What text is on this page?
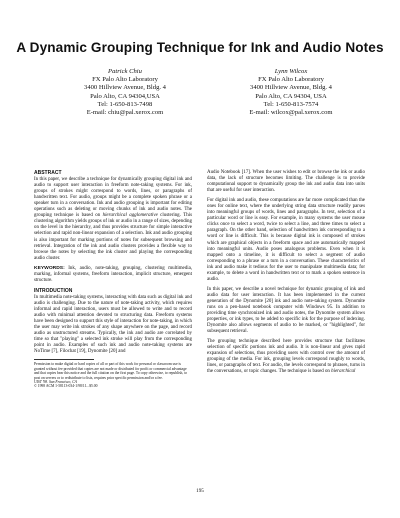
A Dynamic Grouping Technique for Ink and Audio Notes
Patrick Chiu
FX Palo Alto Laboratory
3400 Hillview Avenue, Bldg. 4
Palo Alto, CA 94304,USA
Tel: 1-650-813-7498
E-mail: chiu@pal.xerox.com
Lynn Wilcox
FX Palo Alto Laboratory
3400 Hillview Avenue, Bldg. 4
Palo Alto, CA 94304, USA
Tel: 1-650-813-7574
E-mail: wilcox@pal.xerox.com
ABSTRACT

In this paper, we describe a technique for dynamically grouping digital ink and audio to support user interaction in freeform note-taking systems. For ink, groups of strokes might correspond to words, lines, or paragraphs of handwritten text. For audio, groups might be a complete spoken phrase or a speaker turn in a conversation. Ink and audio grouping is important for editing operations such as deleting or moving chunks of ink and audio notes. The grouping technique is based on hierarchical agglomerative clustering. This clustering algorithm yields groups of ink or audio in a range of sizes, depending on the level in the hierarchy, and thus provides structure for simple interactive selection and rapid non-linear expansion of a selection. Ink and audio grouping is also important for marking portions of notes for subsequent browsing and retrieval. Integration of the ink and audio clusters provides a flexible way to browse the notes by selecting the ink cluster and playing the corresponding audio cluster.

KEYWORDS: Ink, audio, note-taking, grouping, clustering multimedia, marking, informal systems, freeform interaction, implicit structure, emergent structure.

INTRODUCTION

In multimedia note-taking systems, interacting with data such as digital ink and audio is challenging. Due to the nature of note-taking activity, which requires informal and rapid interaction, users must be allowed to write and to record audio with minimal attention devoted to structuring data. Freeform systems have been designed to support this style of interaction for note-taking, in which the user may write ink strokes of any shape anywhere on the page, and record audio as unstructured streams. Typically, the ink and audio are correlated by time so that "playing" a selected ink stroke will play from the corresponding point in audio. Examples of such ink and audio note-taking systems are NoTime [7], Filochat [19], Dynomite [20] and

Permission to make digital or hard copies of all or part of this work for personal or classroom use is granted without fee provided that copies are not made or distributed for profit or commercial advantage and that copies bear this notice and the full citation on the first page. To copy otherwise, to republish, to post on servers or to redistribute to lists, requires prior specific permission and/or a fee.
UIST '98. San Francisco, CA
© 1998 ACM 1-58113-034-1/98/11...$5.00

Audio Notebook [17]. When the user wishes to edit or browse the ink or audio data, the lack of structure becomes limiting. The challenge is to provide computational support to dynamically group the ink and audio data into units that are useful for user interaction.

For digital ink and audio, these computations are far more complicated than the ones for online text, where the underlying string data structure readily parses into meaningful groups of words, lines and paragraphs. In text, selection of a particular word or line is easy. For example, in many systems the user mouse clicks once to select a word, twice to select a line, and three times to select a paragraph. On the other hand, selection of handwritten ink corresponding to a word or line is difficult. This is because digital ink is composed of strokes which are graphical objects in a freeform space and are automatically mapped into meaningful units. Audio poses analogous problems. Even when it is mapped onto a timeline, it is difficult to select a segment of audio corresponding to a phrase or a turn in a conversation. These characteristics of ink and audio make it tedious for the user to manipulate multimedia data; for example, to delete a word in handwritten text or to mark a spoken sentence in audio.

In this paper, we describe a novel technique for dynamic grouping of ink and audio data for user interaction. It has been implemented in the current generation of the Dynomite [20] ink and audio note-taking system. Dynomite runs on a pen-based notebook computer with Windows 95. In addition to providing time synchronized ink and audio notes, the Dynomite system allows properties, or ink types, to be added to specific ink for the purpose of indexing. Dynomite also allows segments of audio to be marked, or "highlighted", for subsequent retrieval.

The grouping technique described here provides structure that facilitates selection of specific portions ink and audio. It is non-linear and gives rapid expansion of selections, thus providing users with control over the amount of grouping of the media. For ink, grouping levels correspond roughly to words, lines, or paragraphs of text. For audio, the levels correspond to phrases, turns in the conversations, or topic changes. The technique is based on hierarchical

195
